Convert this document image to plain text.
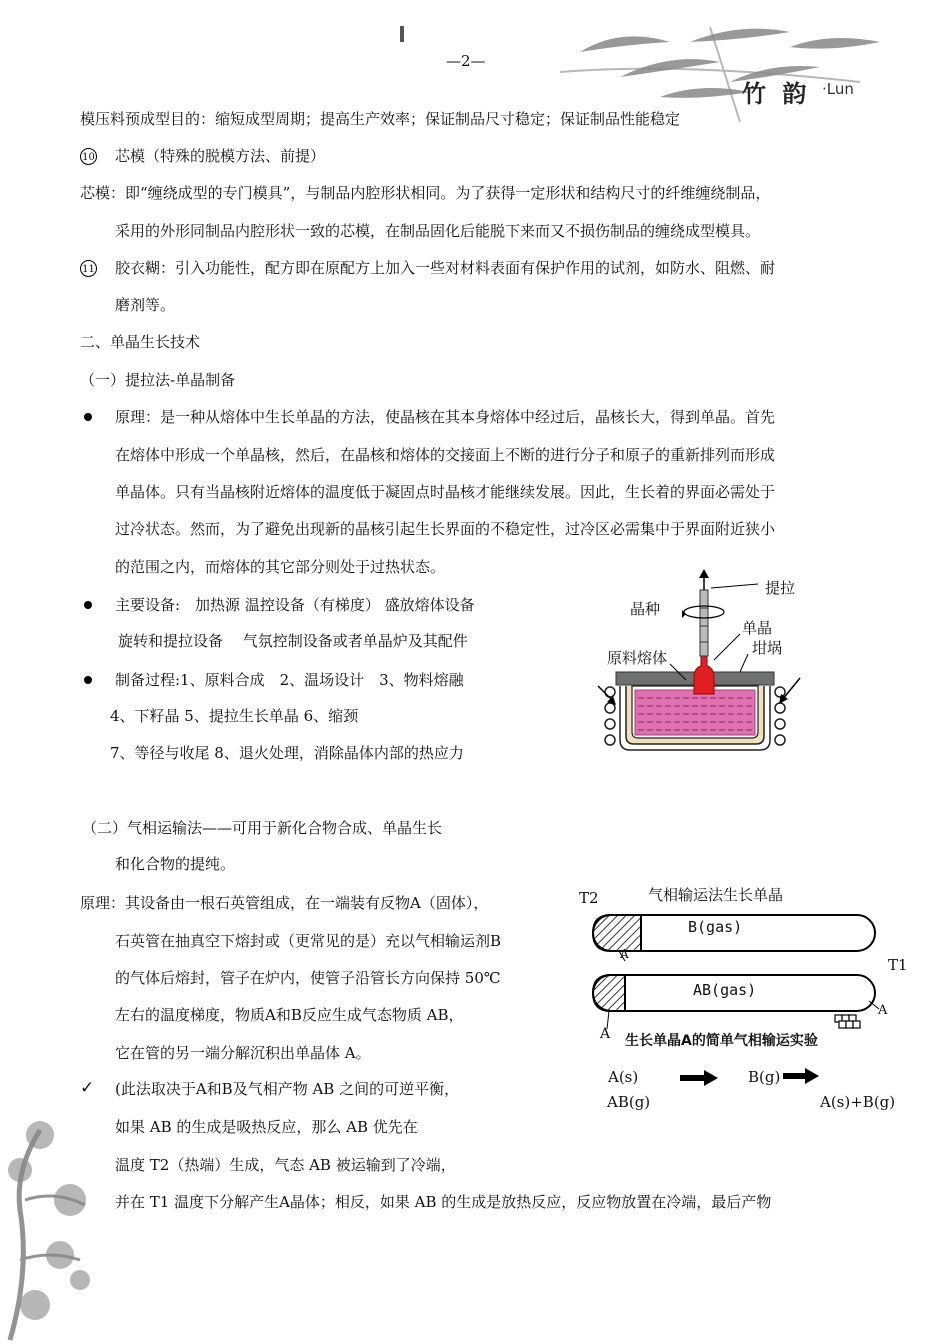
—2—
竹 韵 ·Lun
模压料预成型目的：缩短成型周期；提高生产效率；保证制品尺寸稳定；保证制品性能稳定
10 芯模（特殊的脱模方法、前提）
芯模：即“缠绕成型的专门模具”，与制品内腔形状相同。为了获得一定形状和结构尺寸的纤维缠绕制品，
采用的外形同制品内腔形状一致的芯模，在制品固化后能脱下来而又不损伤制品的缠绕成型模具。
11 胶衣糊：引入功能性，配方即在原配方上加入一些对材料表面有保护作用的试剂，如防水、阻燃、耐
磨剂等。
二、单晶生长技术
（一）提拉法-单晶制备
原理：是一种从熔体中生长单晶的方法，使晶核在其本身熔体中经过后，晶核长大，得到单晶。首先
在熔体中形成一个单晶核，然后，在晶核和熔体的交接面上不断的进行分子和原子的重新排列而形成
单晶体。只有当晶核附近熔体的温度低于凝固点时晶核才能继续发展。因此，生长着的界面必需处于
过冷状态。然而，为了避免出现新的晶核引起生长界面的不稳定性，过冷区必需集中于界面附近狭小
的范围之内，而熔体的其它部分则处于过热状态。
主要设备:　加热源 温控设备（有梯度） 盛放熔体设备
旋转和提拉设备　 气氛控制设备或者单晶炉及其配件
制备过程:1、原料合成　2、温场设计　3、物料熔融
4、下籽晶 5、提拉生长单晶 6、缩颈
7、等径与收尾 8、退火处理，消除晶体内部的热应力
（二）气相运输法——可用于新化合物合成、单晶生长
和化合物的提纯。
原理：其设备由一根石英管组成，在一端装有反物A（固体），
石英管在抽真空下熔封或（更常见的是）充以气相输运剂B
的气体后熔封，管子在炉内，使管子沿管长方向保持 50℃
左右的温度梯度，物质A和B反应生成气态物质 AB，
它在管的另一端分解沉积出单晶体 A。
✓ (此法取决于A和B及气相产物 AB 之间的可逆平衡，
如果 AB 的生成是吸热反应，那么 AB 优先在
温度 T2（热端）生成，气态 AB 被运输到了冷端，
并在 T1 温度下分解产生A晶体；相反，如果 AB 的生成是放热反应，反应物放置在冷端，最后产物
提拉
晶种
单晶
坩埚
原料熔体
气相输运法生长单晶
T2
T1
B(gas)
AB(gas)
A
A
A
生长单晶A的简单气相输运实验
A(s)
AB(g)
B(g)
A(s)+B(g)
